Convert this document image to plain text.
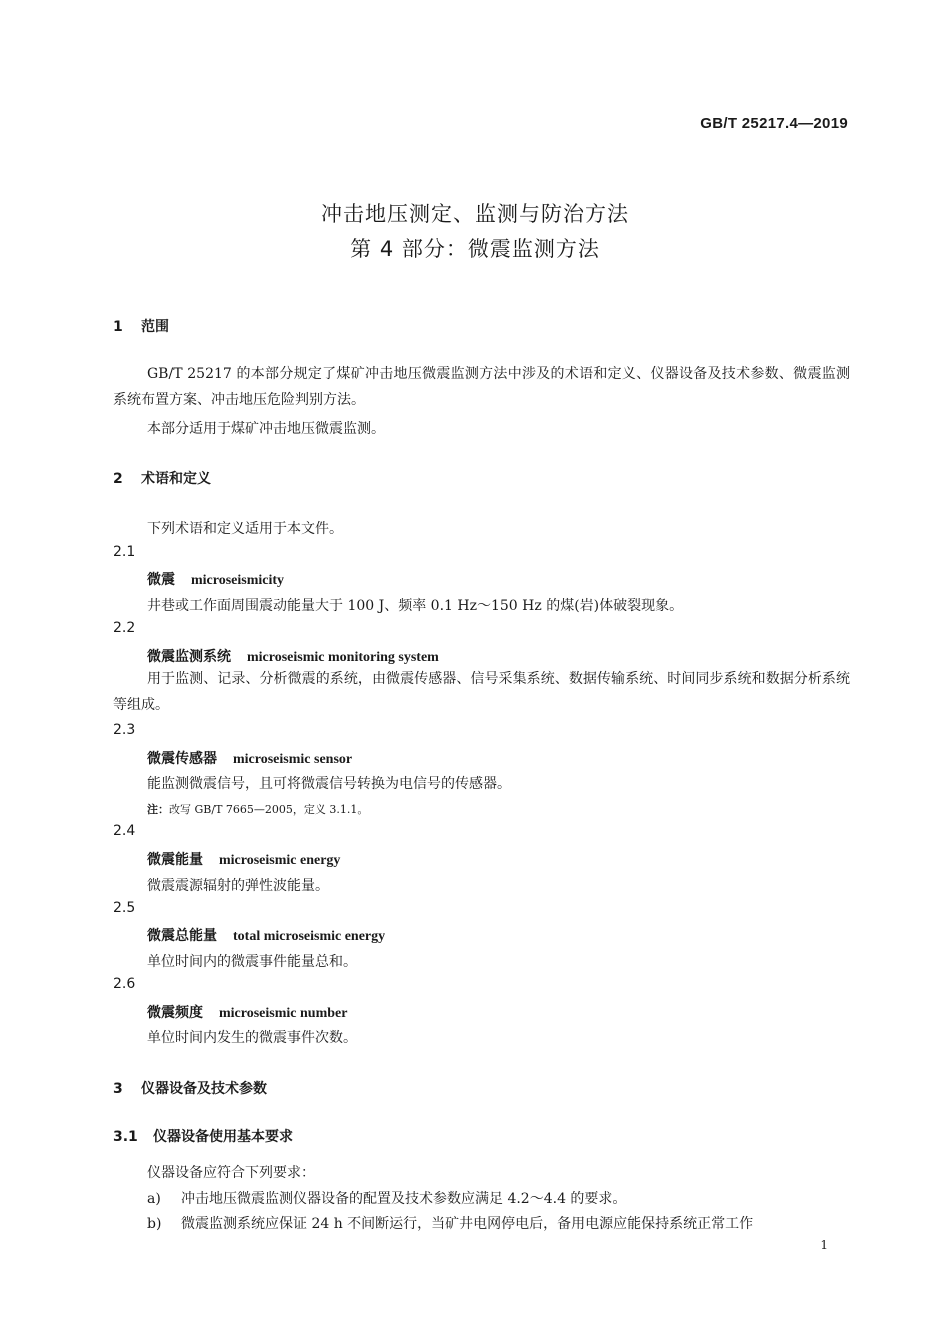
GB/T 25217.4—2019
冲击地压测定、监测与防治方法
第 4 部分：微震监测方法
1 范围
GB/T 25217 的本部分规定了煤矿冲击地压微震监测方法中涉及的术语和定义、仪器设备及技术参数、微震监测系统布置方案、冲击地压危险判别方法。
本部分适用于煤矿冲击地压微震监测。
2 术语和定义
下列术语和定义适用于本文件。
2.1
微震 microseismicity
井巷或工作面周围震动能量大于 100 J、频率 0.1 Hz～150 Hz 的煤(岩)体破裂现象。
2.2
微震监测系统 microseismic monitoring system
用于监测、记录、分析微震的系统，由微震传感器、信号采集系统、数据传输系统、时间同步系统和数据分析系统等组成。
2.3
微震传感器 microseismic sensor
能监测微震信号，且可将微震信号转换为电信号的传感器。
注：改写 GB/T 7665—2005，定义 3.1.1。
2.4
微震能量 microseismic energy
微震震源辐射的弹性波能量。
2.5
微震总能量 total microseismic energy
单位时间内的微震事件能量总和。
2.6
微震频度 microseismic number
单位时间内发生的微震事件次数。
3 仪器设备及技术参数
3.1 仪器设备使用基本要求
仪器设备应符合下列要求：
a) 冲击地压微震监测仪器设备的配置及技术参数应满足 4.2～4.4 的要求。
b) 微震监测系统应保证 24 h 不间断运行，当矿井电网停电后，备用电源应能保持系统正常工作
1
